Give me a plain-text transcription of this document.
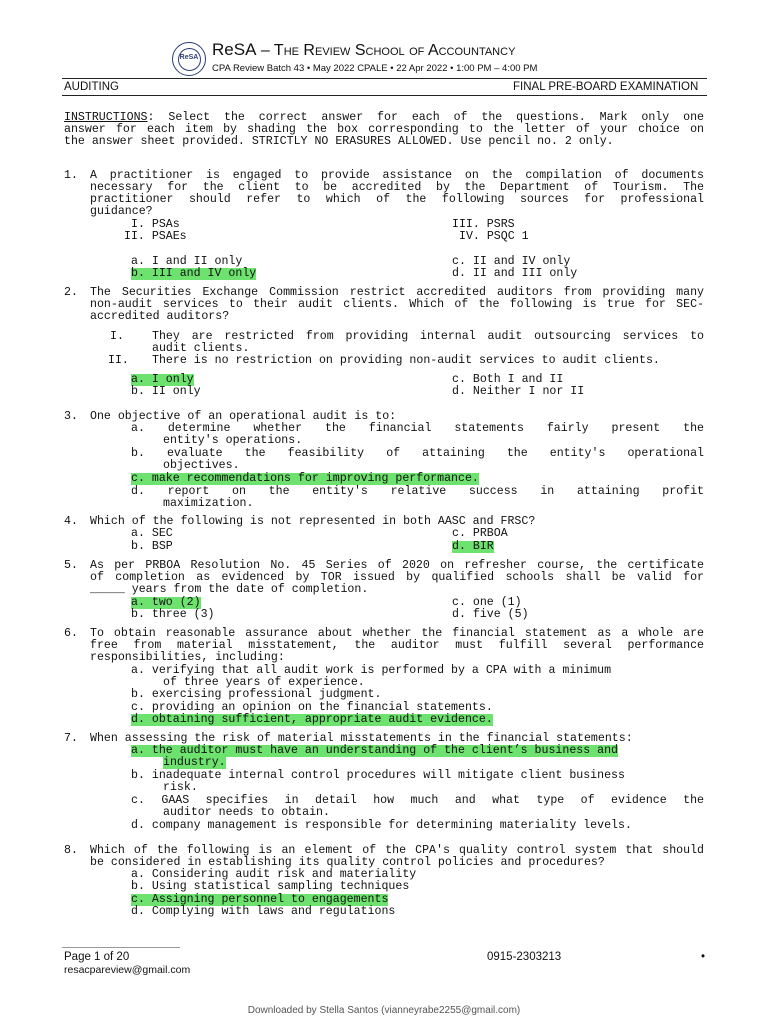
ReSA ReSA – The Review School of Accountancy
CPA Review Batch 43 • May 2022 CPALE • 22 Apr 2022 • 1:00 PM – 4:00 PM
AUDITING	FINAL PRE-BOARD EXAMINATION
INSTRUCTIONS: Select the correct answer for each of the questions. Mark only one
answer for each item by shading the box corresponding to the letter of your choice on
the answer sheet provided. STRICTLY NO ERASURES ALLOWED. Use pencil no. 2 only.
1. A practitioner is engaged to provide assistance on the compilation of documents
necessary for the client to be accredited by the Department of Tourism. The
practitioner should refer to which of the following sources for professional
guidance?
I. PSAs
II. PSAEs
III. PSRS
IV. PSQC 1
a. I and II only
b. III and IV only
c. II and IV only
d. II and III only
2. The Securities Exchange Commission restrict accredited auditors from providing many
non-audit services to their audit clients. Which of the following is true for SEC-
accredited auditors?
I. They are restricted from providing internal audit outsourcing services to
audit clients.
II. There is no restriction on providing non-audit services to audit clients.
a. I only
b. II only
c. Both I and II
d. Neither I nor II
3. One objective of an operational audit is to:
a. determine whether the financial statements fairly present the
entity's operations.
b. evaluate the feasibility of attaining the entity's operational
objectives.
c. make recommendations for improving performance.
d. report on the entity's relative success in attaining profit
maximization.
4. Which of the following is not represented in both AASC and FRSC?
a. SEC
b. BSP
c. PRBOA
d. BIR
5. As per PRBOA Resolution No. 45 Series of 2020 on refresher course, the certificate
of completion as evidenced by TOR issued by qualified schools shall be valid for
_____ years from the date of completion.
a. two (2)
b. three (3)
c. one (1)
d. five (5)
6. To obtain reasonable assurance about whether the financial statement as a whole are
free from material misstatement, the auditor must fulfill several performance
responsibilities, including:
a. verifying that all audit work is performed by a CPA with a minimum
of three years of experience.
b. exercising professional judgment.
c. providing an opinion on the financial statements.
d. obtaining sufficient, appropriate audit evidence.
7. When assessing the risk of material misstatements in the financial statements:
a. the auditor must have an understanding of the client’s business and
industry.
b. inadequate internal control procedures will mitigate client business
risk.
c. GAAS specifies in detail how much and what type of evidence the
auditor needs to obtain.
d. company management is responsible for determining materiality levels.
8. Which of the following is an element of the CPA's quality control system that should
be considered in establishing its quality control policies and procedures?
a. Considering audit risk and materiality
b. Using statistical sampling techniques
c. Assigning personnel to engagements
d. Complying with laws and regulations
Page 1 of 20
resacpareview@gmail.com
0915-2303213	•
Downloaded by Stella Santos (vianneyrabe2255@gmail.com)
